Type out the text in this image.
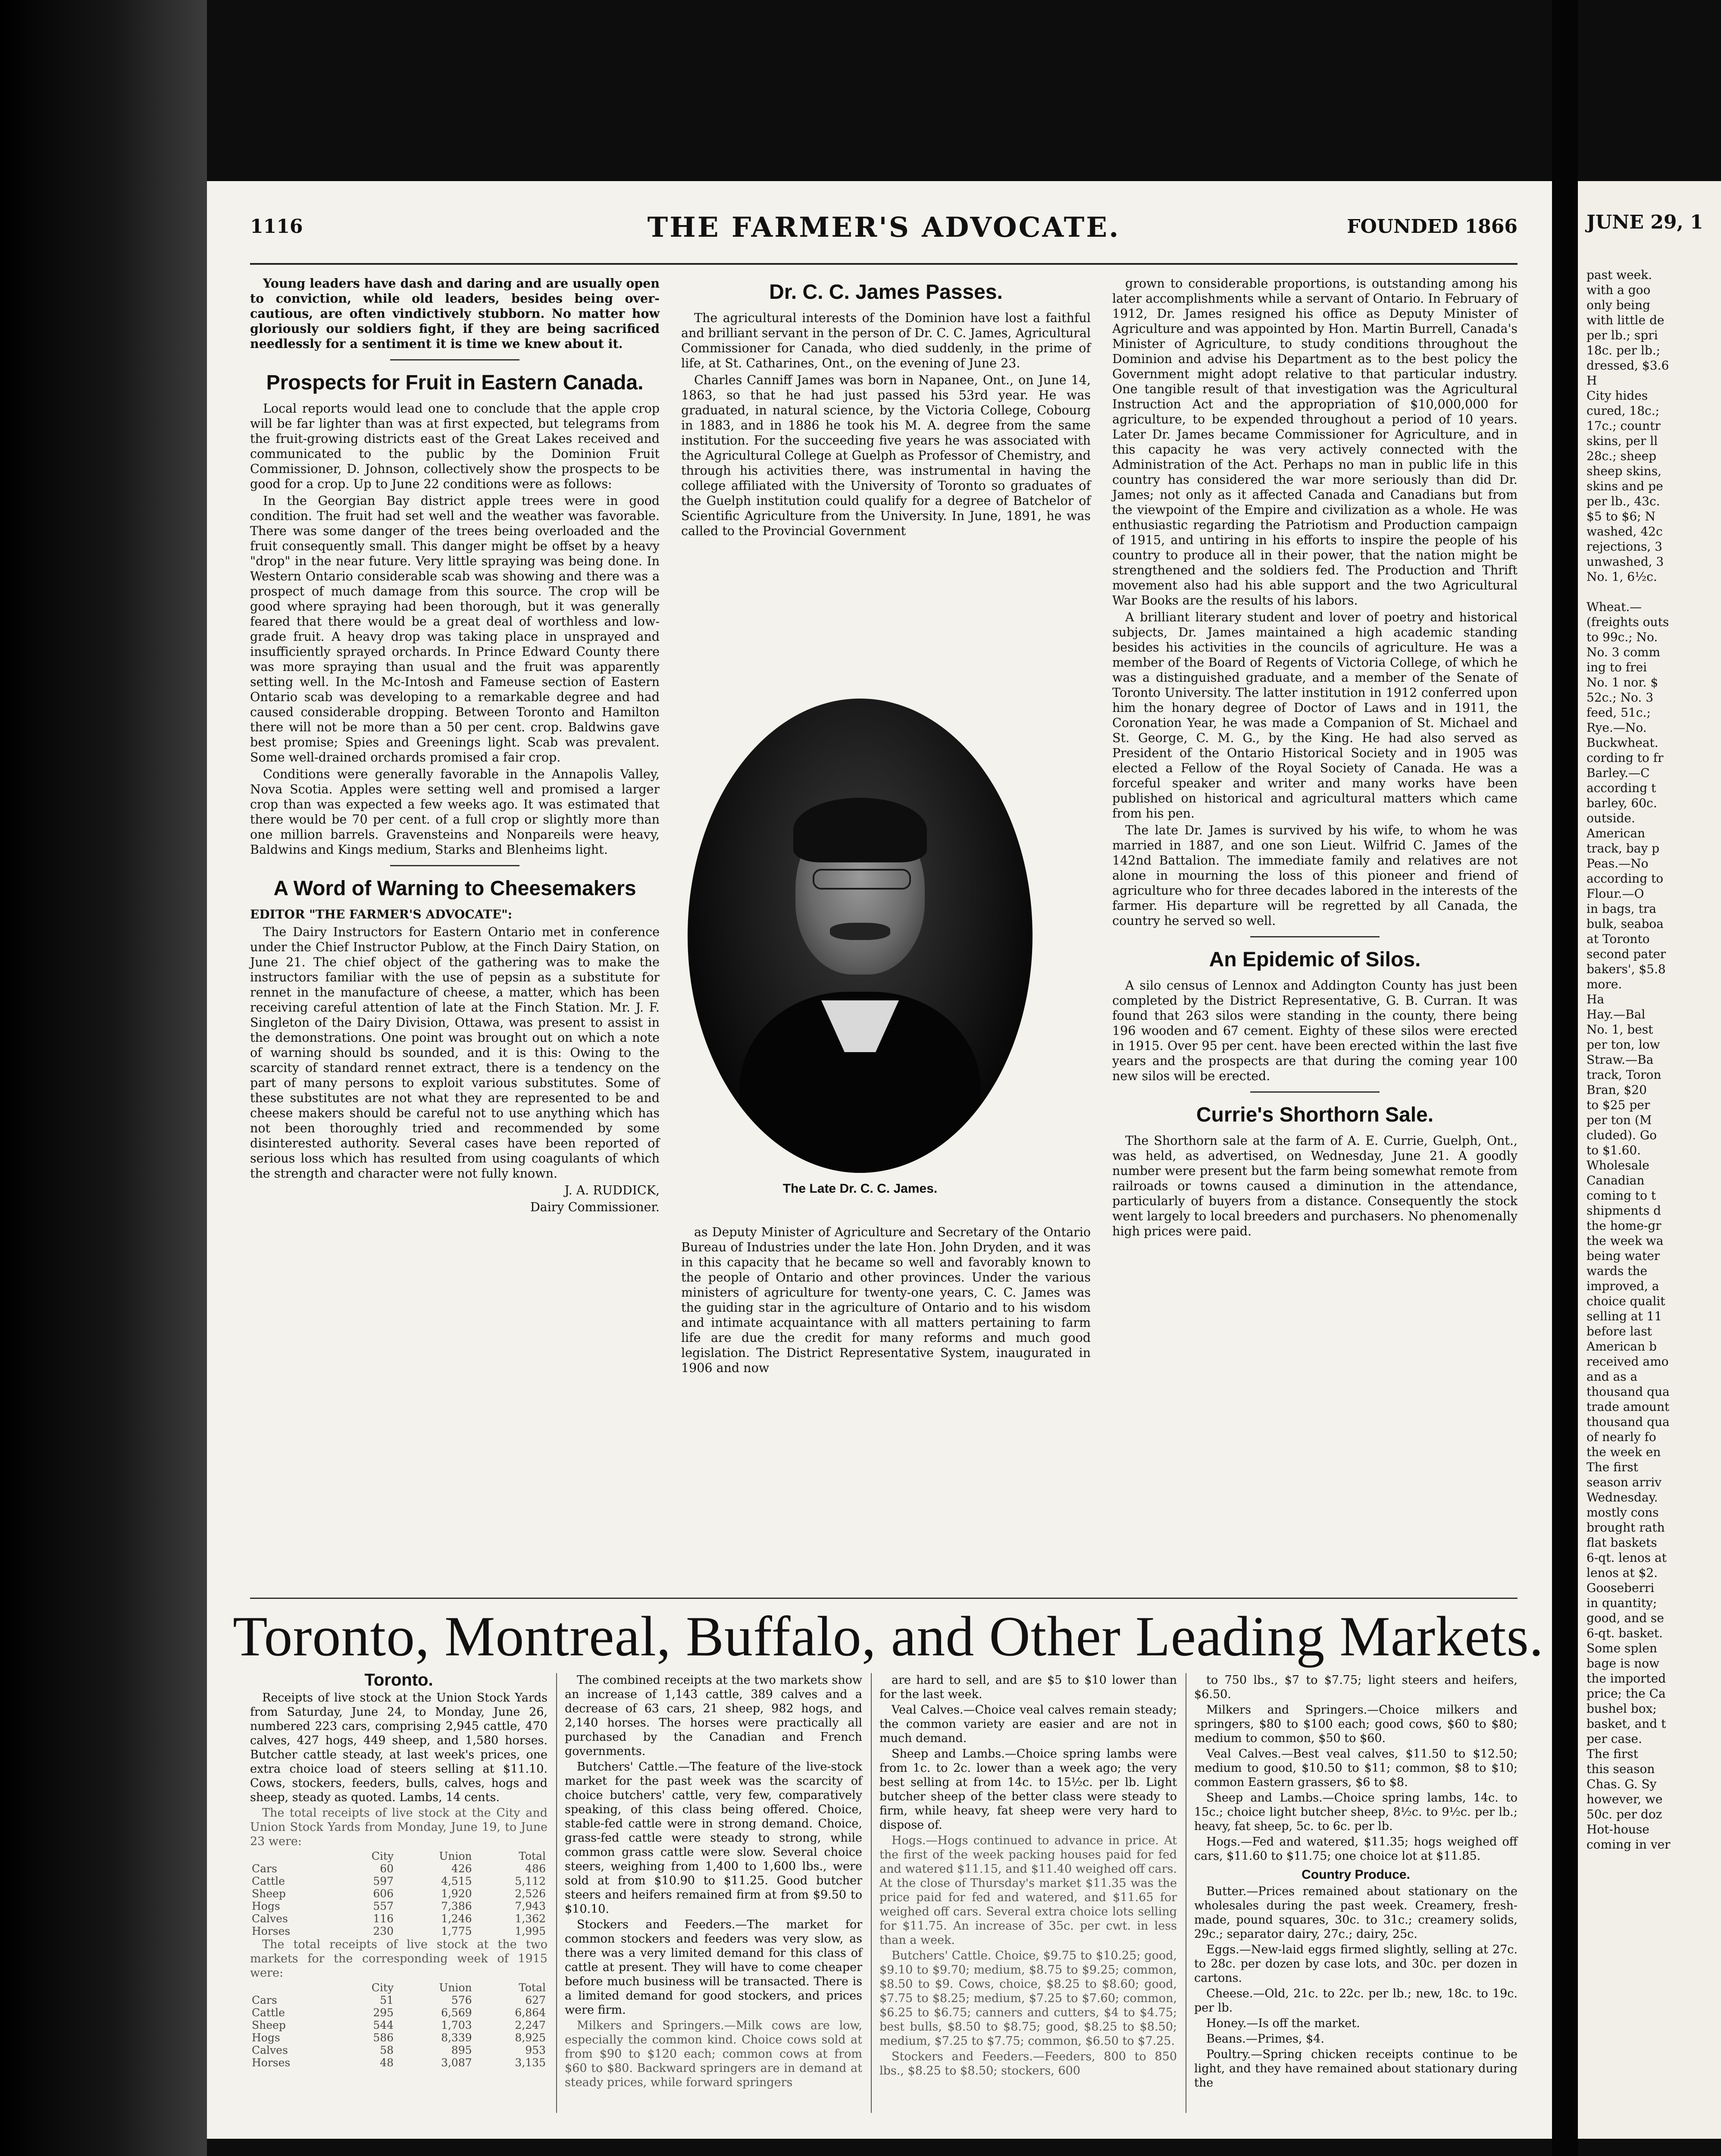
1116	THE FARMER'S ADVOCATE.	FOUNDED 1866

Young leaders have dash and daring and are usually open to conviction, while old leaders, besides being over-cautious, are often vindictively stubborn. No matter how gloriously our soldiers fight, if they are being sacrificed needlessly for a sentiment it is time we knew about it.

Prospects for Fruit in Eastern Canada.

Local reports would lead one to conclude that the apple crop will be far lighter than was at first expected, but telegrams from the fruit-growing districts east of the Great Lakes received and communicated to the public by the Dominion Fruit Commissioner, D. Johnson, collectively show the prospects to be good for a crop. Up to June 22 conditions were as follows:

In the Georgian Bay district apple trees were in good condition. The fruit had set well and the weather was favorable. There was some danger of the trees being overloaded and the fruit consequently small. This danger might be offset by a heavy "drop" in the near future. Very little spraying was being done. In Western Ontario considerable scab was showing and there was a prospect of much damage from this source. The crop will be good where spraying had been thorough, but it was generally feared that there would be a great deal of worthless and low-grade fruit. A heavy drop was taking place in unsprayed and insufficiently sprayed orchards. In Prince Edward County there was more spraying than usual and the fruit was apparently setting well. In the Mc-Intosh and Fameuse section of Eastern Ontario scab was developing to a remarkable degree and had caused considerable dropping. Between Toronto and Hamilton there will not be more than a 50 per cent. crop. Baldwins gave best promise; Spies and Greenings light. Scab was prevalent. Some well-drained orchards promised a fair crop.

Conditions were generally favorable in the Annapolis Valley, Nova Scotia. Apples were setting well and promised a larger crop than was expected a few weeks ago. It was estimated that there would be 70 per cent. of a full crop or slightly more than one million barrels. Gravensteins and Nonpareils were heavy, Baldwins and Kings medium, Starks and Blenheims light.

A Word of Warning to Cheesemakers
EDITOR "THE FARMER'S ADVOCATE":

The Dairy Instructors for Eastern Ontario met in conference under the Chief Instructor Publow, at the Finch Dairy Station, on June 21. The chief object of the gathering was to make the instructors familiar with the use of pepsin as a substitute for rennet in the manufacture of cheese, a matter, which has been receiving careful attention of late at the Finch Station. Mr. J. F. Singleton of the Dairy Division, Ottawa, was present to assist in the demonstrations. One point was brought out on which a note of warning should bs sounded, and it is this: Owing to the scarcity of standard rennet extract, there is a tendency on the part of many persons to exploit various substitutes. Some of these substitutes are not what they are represented to be and cheese makers should be careful not to use anything which has not been thoroughly tried and recommended by some disinterested authority. Several cases have been reported of serious loss which has resulted from using coagulants of which the strength and character were not fully known.

J. A. RUDDICK,

Dairy Commissioner.

Dr. C. C. James Passes.

The agricultural interests of the Dominion have lost a faithful and brilliant servant in the person of Dr. C. C. James, Agricultural Commissioner for Canada, who died suddenly, in the prime of life, at St. Catharines, Ont., on the evening of June 23.

Charles Canniff James was born in Napanee, Ont., on June 14, 1863, so that he had just passed his 53rd year. He was graduated, in natural science, by the Victoria College, Cobourg in 1883, and in 1886 he took his M. A. degree from the same institution. For the succeeding five years he was associated with the Agricultural College at Guelph as Professor of Chemistry, and through his activities there, was instrumental in having the college affiliated with the University of Toronto so graduates of the Guelph institution could qualify for a degree of Batchelor of Scientific Agriculture from the University. In June, 1891, he was called to the Provincial Government

The Late Dr. C. C. James.

as Deputy Minister of Agriculture and Secretary of the Ontario Bureau of Industries under the late Hon. John Dryden, and it was in this capacity that he became so well and favorably known to the people of Ontario and other provinces. Under the various ministers of agriculture for twenty-one years, C. C. James was the guiding star in the agriculture of Ontario and to his wisdom and intimate acquaintance with all matters pertaining to farm life are due the credit for many reforms and much good legislation. The District Representative System, inaugurated in 1906 and now

grown to considerable proportions, is outstanding among his later accomplishments while a servant of Ontario. In February of 1912, Dr. James resigned his office as Deputy Minister of Agriculture and was appointed by Hon. Martin Burrell, Canada's Minister of Agriculture, to study conditions throughout the Dominion and advise his Department as to the best policy the Government might adopt relative to that particular industry. One tangible result of that investigation was the Agricultural Instruction Act and the appropriation of $10,000,000 for agriculture, to be expended throughout a period of 10 years. Later Dr. James became Commissioner for Agriculture, and in this capacity he was very actively connected with the Administration of the Act. Perhaps no man in public life in this country has considered the war more seriously than did Dr. James; not only as it affected Canada and Canadians but from the viewpoint of the Empire and civilization as a whole. He was enthusiastic regarding the Patriotism and Production campaign of 1915, and untiring in his efforts to inspire the people of his country to produce all in their power, that the nation might be strengthened and the soldiers fed. The Production and Thrift movement also had his able support and the two Agricultural War Books are the results of his labors.

A brilliant literary student and lover of poetry and historical subjects, Dr. James maintained a high academic standing besides his activities in the councils of agriculture. He was a member of the Board of Regents of Victoria College, of which he was a distinguished graduate, and a member of the Senate of Toronto University. The latter institution in 1912 conferred upon him the honary degree of Doctor of Laws and in 1911, the Coronation Year, he was made a Companion of St. Michael and St. George, C. M. G., by the King. He had also served as President of the Ontario Historical Society and in 1905 was elected a Fellow of the Royal Society of Canada. He was a forceful speaker and writer and many works have been published on historical and agricultural matters which came from his pen.

The late Dr. James is survived by his wife, to whom he was married in 1887, and one son Lieut. Wilfrid C. James of the 142nd Battalion. The immediate family and relatives are not alone in mourning the loss of this pioneer and friend of agriculture who for three decades labored in the interests of the farmer. His departure will be regretted by all Canada, the country he served so well.

An Epidemic of Silos.

A silo census of Lennox and Addington County has just been completed by the District Representative, G. B. Curran. It was found that 263 silos were standing in the county, there being 196 wooden and 67 cement. Eighty of these silos were erected in 1915. Over 95 per cent. have been erected within the last five years and the prospects are that during the coming year 100 new silos will be erected.

Currie's Shorthorn Sale.

The Shorthorn sale at the farm of A. E. Currie, Guelph, Ont., was held, as advertised, on Wednesday, June 21. A goodly number were present but the farm being somewhat remote from railroads or towns caused a diminution in the attendance, particularly of buyers from a distance. Consequently the stock went largely to local breeders and purchasers. No phenomenally high prices were paid.

Toronto, Montreal, Buffalo, and Other Leading Markets.
Toronto.

Receipts of live stock at the Union Stock Yards from Saturday, June 24, to Monday, June 26, numbered 223 cars, comprising 2,945 cattle, 470 calves, 427 hogs, 449 sheep, and 1,580 horses. Butcher cattle steady, at last week's prices, one extra choice load of steers selling at $11.10. Cows, stockers, feeders, bulls, calves, hogs and sheep, steady as quoted. Lambs, 14 cents.

The total receipts of live stock at the City and Union Stock Yards from Monday, June 19, to June 23 were:

	City	Union	Total
Cars	60	426	486
Cattle	597	4,515	5,112
Sheep	606	1,920	2,526
Hogs	557	7,386	7,943
Calves	116	1,246	1,362
Horses	230	1,775	1,995

The total receipts of live stock at the two markets for the corresponding week of 1915 were:

	City	Union	Total
Cars	51	576	627
Cattle	295	6,569	6,864
Sheep	544	1,703	2,247
Hogs	586	8,339	8,925
Calves	58	895	953
Horses	48	3,087	3,135

The combined receipts at the two markets show an increase of 1,143 cattle, 389 calves and a decrease of 63 cars, 21 sheep, 982 hogs, and 2,140 horses. The horses were practically all purchased by the Canadian and French governments.

Butchers' Cattle.—The feature of the live-stock market for the past week was the scarcity of choice butchers' cattle, very few, comparatively speaking, of this class being offered. Choice, stable-fed cattle were in strong demand. Choice, grass-fed cattle were steady to strong, while common grass cattle were slow. Several choice steers, weighing from 1,400 to 1,600 lbs., were sold at from $10.90 to $11.25. Good butcher steers and heifers remained firm at from $9.50 to $10.10.

Stockers and Feeders.—The market for common stockers and feeders was very slow, as there was a very limited demand for this class of cattle at present. They will have to come cheaper before much business will be transacted. There is a limited demand for good stockers, and prices were firm.

Milkers and Springers.—Milk cows are low, especially the common kind. Choice cows sold at from $90 to $120 each; common cows at from $60 to $80. Backward springers are in demand at steady prices, while forward springers

are hard to sell, and are $5 to $10 lower than for the last week.

Veal Calves.—Choice veal calves remain steady; the common variety are easier and are not in much demand.

Sheep and Lambs.—Choice spring lambs were from 1c. to 2c. lower than a week ago; the very best selling at from 14c. to 15½c. per lb. Light butcher sheep of the better class were steady to firm, while heavy, fat sheep were very hard to dispose of.

Hogs.—Hogs continued to advance in price. At the first of the week packing houses paid for fed and watered $11.15, and $11.40 weighed off cars. At the close of Thursday's market $11.35 was the price paid for fed and watered, and $11.65 for weighed off cars. Several extra choice lots selling for $11.75. An increase of 35c. per cwt. in less than a week.

Butchers' Cattle. Choice, $9.75 to $10.25; good, $9.10 to $9.70; medium, $8.75 to $9.25; common, $8.50 to $9. Cows, choice, $8.25 to $8.60; good, $7.75 to $8.25; medium, $7.25 to $7.60; common, $6.25 to $6.75; canners and cutters, $4 to $4.75; best bulls, $8.50 to $8.75; good, $8.25 to $8.50; medium, $7.25 to $7.75; common, $6.50 to $7.25.

Stockers and Feeders.—Feeders, 800 to 850 lbs., $8.25 to $8.50; stockers, 600

to 750 lbs., $7 to $7.75; light steers and heifers, $6.50.

Milkers and Springers.—Choice milkers and springers, $80 to $100 each; good cows, $60 to $80; medium to common, $50 to $60.

Veal Calves.—Best veal calves, $11.50 to $12.50; medium to good, $10.50 to $11; common, $8 to $10; common Eastern grassers, $6 to $8.

Sheep and Lambs.—Choice spring lambs, 14c. to 15c.; choice light butcher sheep, 8½c. to 9½c. per lb.; heavy, fat sheep, 5c. to 6c. per lb.

Hogs.—Fed and watered, $11.35; hogs weighed off cars, $11.60 to $11.75; one choice lot at $11.85.

Country Produce.

Butter.—Prices remained about stationary on the wholesales during the past week. Creamery, fresh-made, pound squares, 30c. to 31c.; creamery solids, 29c.; separator dairy, 27c.; dairy, 25c.

Eggs.—New-laid eggs firmed slightly, selling at 27c. to 28c. per dozen by case lots, and 30c. per dozen in cartons.

Cheese.—Old, 21c. to 22c. per lb.; new, 18c. to 19c. per lb.

Honey.—Is off the market.

Beans.—Primes, $4.

Poultry.—Spring chicken receipts continue to be light, and they have remained about stationary during the

JUNE 29, 1
past week.
with a goo
only being
with little de
per lb.; spri
18c. per lb.;
dressed, $3.6
H
City hides
cured, 18c.;
17c.; countr
skins, per ll
28c.; sheep
sheep skins,
skins and pe
per lb., 43c.
$5 to $6; N
washed, 42c
rejections, 3
unwashed, 3
No. 1, 6½c.

Wheat.—
(freights outs
to 99c.; No.
No. 3 comm
ing to frei
No. 1 nor. $
52c.; No. 3
feed, 51c.;
Rye.—No.
Buckwheat.
cording to fr
Barley.—C
according t
barley, 60c.
outside.
American
track, bay p
Peas.—No
according to
Flour.—O
in bags, tra
bulk, seaboa
at Toronto
second pater
bakers', $5.8
more.
Ha
Hay.—Bal
No. 1, best
per ton, low
Straw.—Ba
track, Toron
Bran, $20
to $25 per
per ton (M
cluded). Go
to $1.60.
Wholesale
Canadian
coming to t
shipments d
the home-gr
the week wa
being water
wards the
improved, a
choice qualit
selling at 11
before last
American b
received amo
and as a
thousand qua
trade amount
thousand qua
of nearly fo
the week en
The first
season arriv
Wednesday.
mostly cons
brought rath
flat baskets
6-qt. lenos at
lenos at $2.
Gooseberri
in quantity;
good, and se
6-qt. basket.
Some splen
bage is now
the imported
price; the Ca
bushel box;
basket, and t
per case.
The first
this season
Chas. G. Sy
however, we
50c. per doz
Hot-house
coming in ver
